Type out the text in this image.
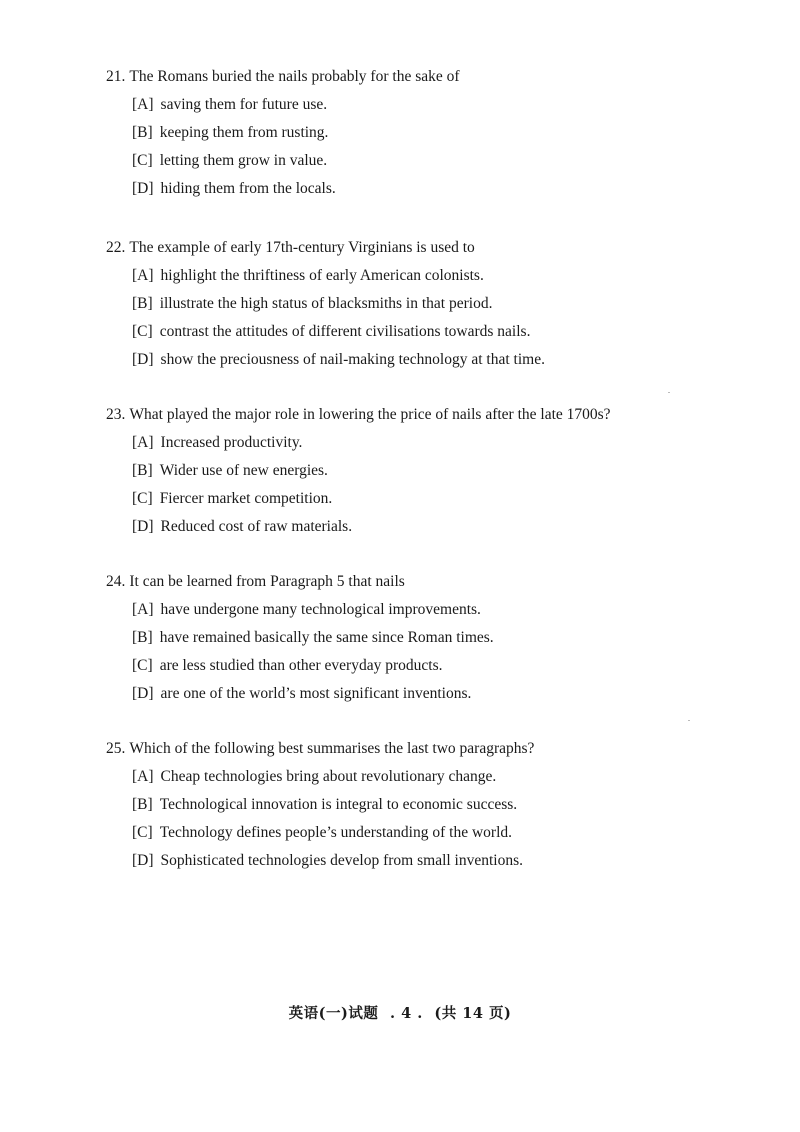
21. The Romans buried the nails probably for the sake of
[A] saving them for future use.
[B] keeping them from rusting.
[C] letting them grow in value.
[D] hiding them from the locals.
22. The example of early 17th-century Virginians is used to
[A] highlight the thriftiness of early American colonists.
[B] illustrate the high status of blacksmiths in that period.
[C] contrast the attitudes of different civilisations towards nails.
[D] show the preciousness of nail-making technology at that time.
23. What played the major role in lowering the price of nails after the late 1700s?
[A] Increased productivity.
[B] Wider use of new energies.
[C] Fiercer market competition.
[D] Reduced cost of raw materials.
24. It can be learned from Paragraph 5 that nails
[A] have undergone many technological improvements.
[B] have remained basically the same since Roman times.
[C] are less studied than other everyday products.
[D] are one of the world’s most significant inventions.
25. Which of the following best summarises the last two paragraphs?
[A] Cheap technologies bring about revolutionary change.
[B] Technological innovation is integral to economic success.
[C] Technology defines people’s understanding of the world.
[D] Sophisticated technologies develop from small inventions.
英语(一)试题 . 4 . (共 14 页)
